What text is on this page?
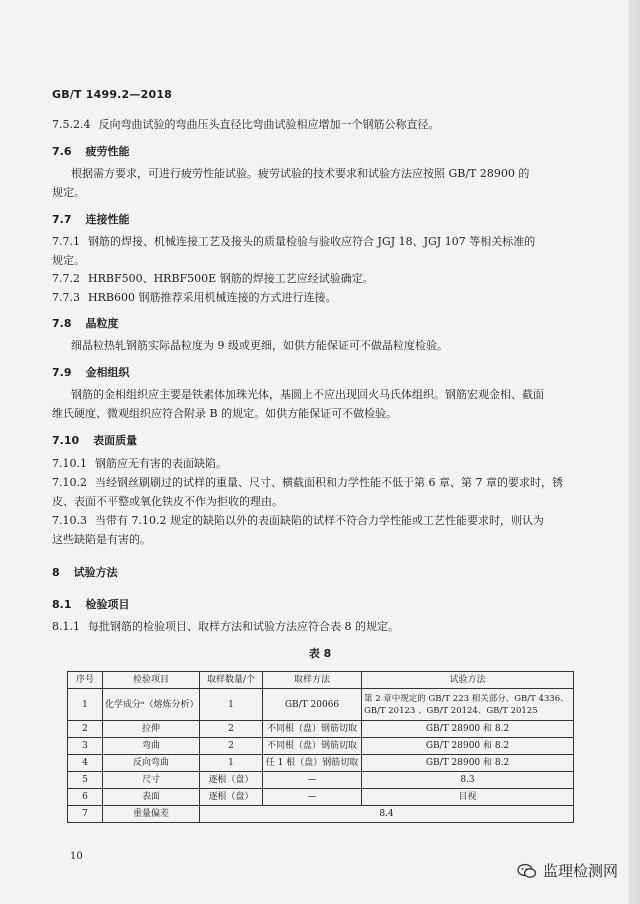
GB/T 1499.2—2018
7.5.2.4 反向弯曲试验的弯曲压头直径比弯曲试验相应增加一个钢筋公称直径。
7.6 疲劳性能
根据需方要求，可进行疲劳性能试验。疲劳试验的技术要求和试验方法应按照 GB/T 28900 的
规定。
7.7 连接性能
7.7.1 钢筋的焊接、机械连接工艺及接头的质量检验与验收应符合 JGJ 18、JGJ 107 等相关标准的
规定。
7.7.2 HRBF500、HRBF500E 钢筋的焊接工艺应经试验确定。
7.7.3 HRB600 钢筋推荐采用机械连接的方式进行连接。
7.8 晶粒度
细晶粒热轧钢筋实际晶粒度为 9 级或更细，如供方能保证可不做晶粒度检验。
7.9 金相组织
钢筋的金相组织应主要是铁素体加珠光体，基圆上不应出现回火马氏体组织。钢筋宏观金相、截面
维氏硬度、微观组织应符合附录 B 的规定。如供方能保证可不做检验。
7.10 表面质量
7.10.1 钢筋应无有害的表面缺陷。
7.10.2 当经钢丝刷刷过的试样的重量、尺寸、横截面积和力学性能不低于第 6 章、第 7 章的要求时，锈
皮、表面不平整或氧化铁皮不作为拒收的理由。
7.10.3 当带有 7.10.2 规定的缺陷以外的表面缺陷的试样不符合力学性能或工艺性能要求时，则认为
这些缺陷是有害的。
8 试验方法
8.1 检验项目
8.1.1 每批钢筋的检验项目、取样方法和试验方法应符合表 8 的规定。
表 8
序号	检验项目	取样数量/个	取样方法	试验方法
1	化学成分ᵃ（熔炼分析）	1	GB/T 20066	第 2 章中规定的 GB/T 223 相关部分、GB/T 4336、GB/T 20123 、GB/T 20124、GB/T 20125
2	拉伸	2	不同根（盘）钢筋切取	GB/T 28900 和 8.2
3	弯曲	2	不同根（盘）钢筋切取	GB/T 28900 和 8.2
4	反向弯曲	1	任 1 根（盘）钢筋切取	GB/T 28900 和 8.2
5	尺寸	逐根（盘）	—	8.3
6	表面	逐根（盘）	—	目视
7	重量偏差	8.4		
10
监理检测网
